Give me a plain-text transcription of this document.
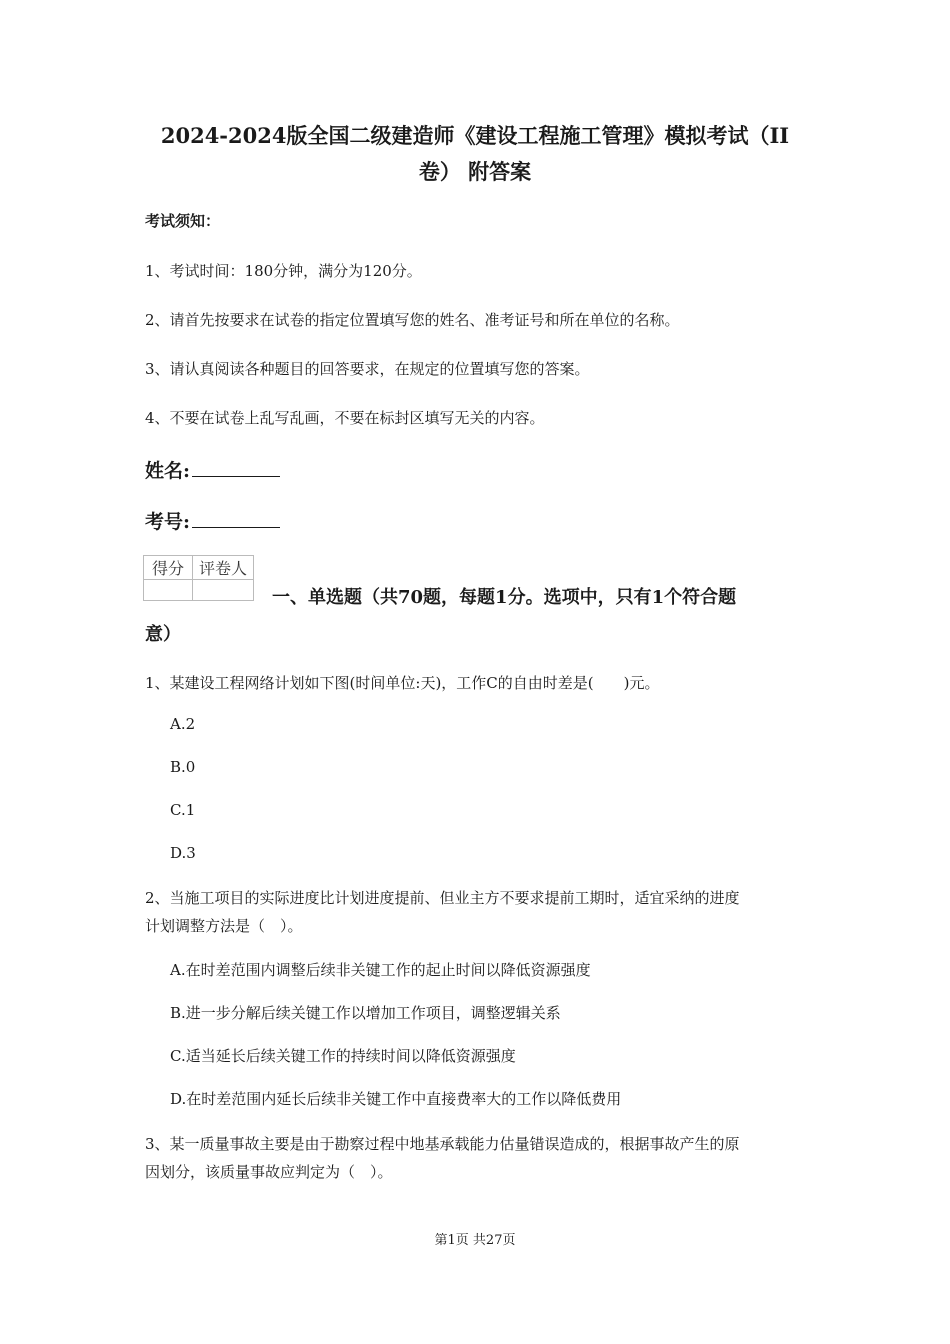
2024-2024版全国二级建造师《建设工程施工管理》模拟考试（II
卷） 附答案
考试须知：
1、考试时间：180分钟，满分为120分。
2、请首先按要求在试卷的指定位置填写您的姓名、准考证号和所在单位的名称。
3、请认真阅读各种题目的回答要求，在规定的位置填写您的答案。
4、不要在试卷上乱写乱画，不要在标封区填写无关的内容。
姓名:
考号:
得分	评卷人

一、单选题（共70题，每题1分。选项中，只有1个符合题
意）
1、某建设工程网络计划如下图(时间单位:天)，工作C的自由时差是(　　)元。
A.2
B.0
C.1
D.3
2、当施工项目的实际进度比计划进度提前、但业主方不要求提前工期时，适宜采纳的进度
计划调整方法是（　）。
A.在时差范围内调整后续非关键工作的起止时间以降低资源强度
B.进一步分解后续关键工作以增加工作项目，调整逻辑关系
C.适当延长后续关键工作的持续时间以降低资源强度
D.在时差范围内延长后续非关键工作中直接费率大的工作以降低费用
3、某一质量事故主要是由于勘察过程中地基承载能力估量错误造成的，根据事故产生的原
因划分，该质量事故应判定为（　）。
第1页 共27页
